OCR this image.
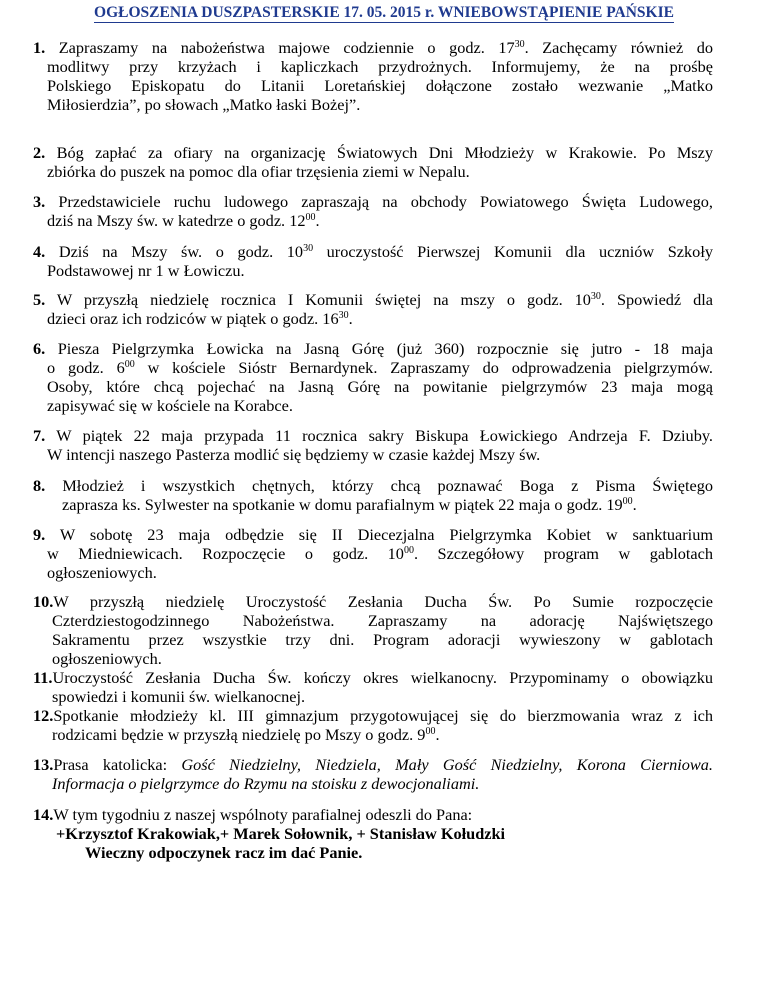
OGŁOSZENIA DUSZPASTERSKIE 17. 05. 2015 r. WNIEBOWSTĄPIENIE PAŃSKIE
1. Zapraszamy na nabożeństwa majowe codziennie o godz. $17^{30}$. Zachęcamy również do
modlitwy przy krzyżach i kapliczkach przydrożnych. Informujemy, że na prośbę
Polskiego Episkopatu do Litanii Loretańskiej dołączone zostało wezwanie „Matko
Miłosierdzia”, po słowach „Matko łaski Bożej”.
2. Bóg zapłać za ofiary na organizację Światowych Dni Młodzieży w Krakowie. Po Mszy
zbiórka do puszek na pomoc dla ofiar trzęsienia ziemi w Nepalu.
3. Przedstawiciele ruchu ludowego zapraszają na obchody Powiatowego Święta Ludowego,
dziś na Mszy św. w katedrze o godz. $12^{00}$.
4. Dziś na Mszy św. o godz. $10^{30}$ uroczystość Pierwszej Komunii dla uczniów Szkoły
Podstawowej nr 1 w Łowiczu.
5. W przyszłą niedzielę rocznica I Komunii świętej na mszy o godz. $10^{30}$. Spowiedź dla
dzieci oraz ich rodziców w piątek o godz. $16^{30}$.
6. Piesza Pielgrzymka Łowicka na Jasną Górę (już 360) rozpocznie się jutro - 18 maja
o godz. $6^{00}$ w kościele Sióstr Bernardynek. Zapraszamy do odprowadzenia pielgrzymów.
Osoby, które chcą pojechać na Jasną Górę na powitanie pielgrzymów 23 maja mogą
zapisywać się w kościele na Korabce.
7. W piątek 22 maja przypada 11 rocznica sakry Biskupa Łowickiego Andrzeja F. Dziuby.
W intencji naszego Pasterza modlić się będziemy w czasie każdej Mszy św.
8. Młodzież i wszystkich chętnych, którzy chcą poznawać Boga z Pisma Świętego
zaprasza ks. Sylwester na spotkanie w domu parafialnym w piątek 22 maja o godz. $19^{00}$.
9. W sobotę 23 maja odbędzie się II Diecezjalna Pielgrzymka Kobiet w sanktuarium
w Miedniewicach. Rozpoczęcie o godz. $10^{00}$. Szczegółowy program w gablotach
ogłoszeniowych.
10.W przyszłą niedzielę Uroczystość Zesłania Ducha Św. Po Sumie rozpoczęcie
Czterdziestogodzinnego Nabożeństwa. Zapraszamy na adorację Najświętszego
Sakramentu przez wszystkie trzy dni. Program adoracji wywieszony w gablotach
ogłoszeniowych.
11.Uroczystość Zesłania Ducha Św. kończy okres wielkanocny. Przypominamy o obowiązku
spowiedzi i komunii św. wielkanocnej.
12.Spotkanie młodzieży kl. III gimnazjum przygotowującej się do bierzmowania wraz z ich
rodzicami będzie w przyszłą niedzielę po Mszy o godz. $9^{00}$.
13.Prasa katolicka: Gość Niedzielny, Niedziela, Mały Gość Niedzielny, Korona Cierniowa.
Informacja o pielgrzymce do Rzymu na stoisku z dewocjonaliami.
14.W tym tygodniu z naszej wspólnoty parafialnej odeszli do Pana:
+Krzysztof Krakowiak,+ Marek Sołownik, + Stanisław Kołudzki
Wieczny odpoczynek racz im dać Panie.
